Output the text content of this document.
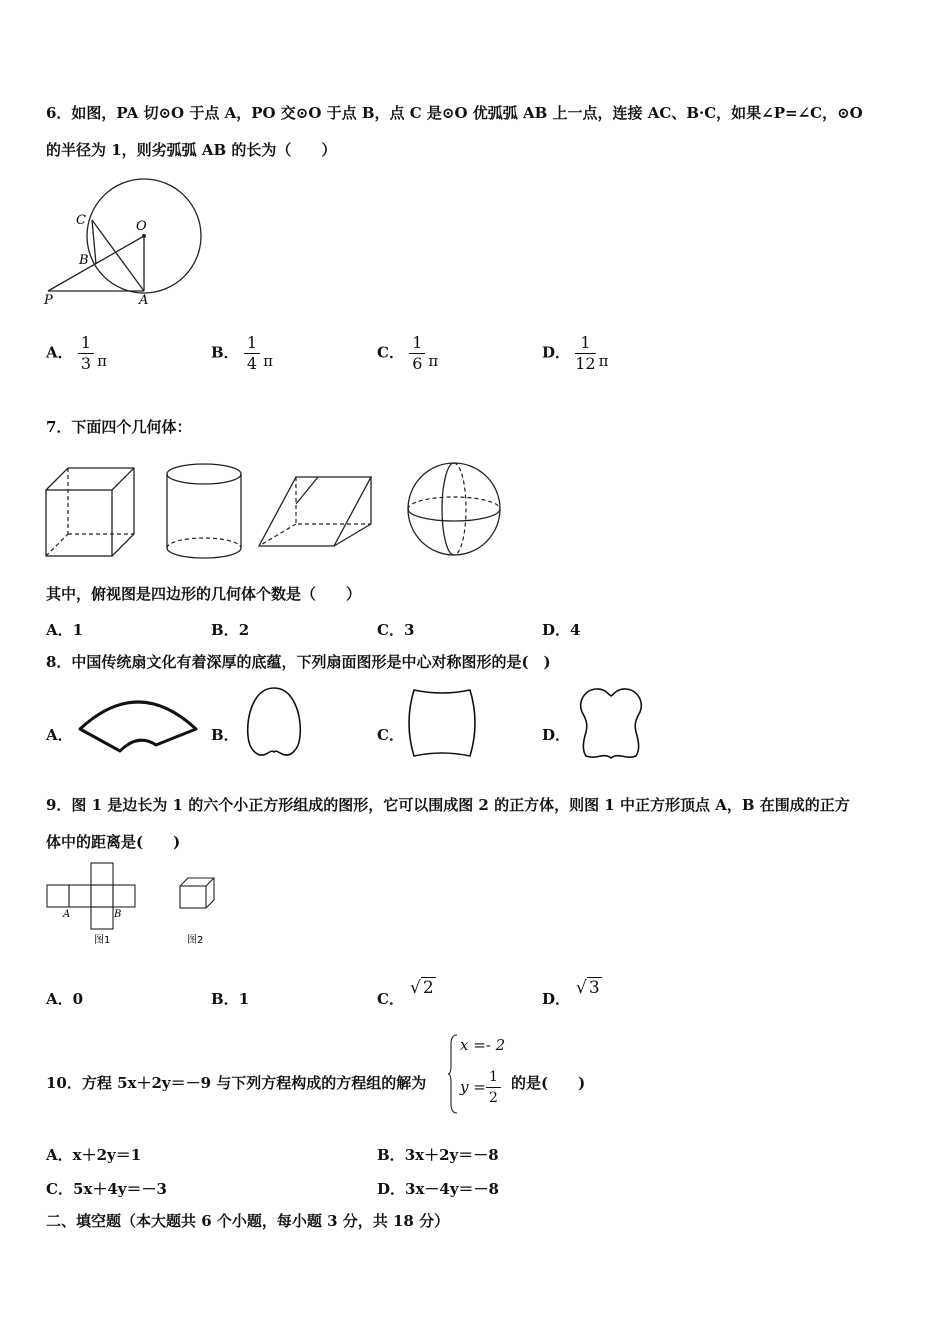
6．如图，PA 切⊙O 于点 A，PO 交⊙O 于点 B，点 C 是⊙O 优弧弧 AB 上一点，连接 AC、B·C，如果∠P=∠C，⊙O
的半径为 1，则劣弧弧 AB 的长为（　　）
C	O
B
P	A
A． $\frac{1}{3}$ π	B． $\frac{1}{4}$ π	C． $\frac{1}{6}$ π	D． $\frac{1}{12}$ π
7．下面四个几何体：
其中，俯视图是四边形的几何体个数是（　　）
A．1	B．2	C．3	D．4
8．中国传统扇文化有着深厚的底蕴，下列扇面图形是中心对称图形的是(　)
A．	B．	C．	D．
9．图 1 是边长为 1 的六个小正方形组成的图形，它可以围成图 2 的正方体，则图 1 中正方形顶点 A，B 在围成的正方
体中的距离是(　　)
A	B
图1	图2
A．0	B．1	C．
√ 2
D．
√ 3
10．方程 5x＋2y＝－9 与下列方程构成的方程组的解为
x =- 2
$y = \frac{1}{2}$ 的是(　　)
A．x＋2y＝1	B．3x＋2y＝－8
C．5x＋4y＝－3	D．3x－4y＝－8
二、填空题（本大题共 6 个小题，每小题 3 分，共 18 分）
